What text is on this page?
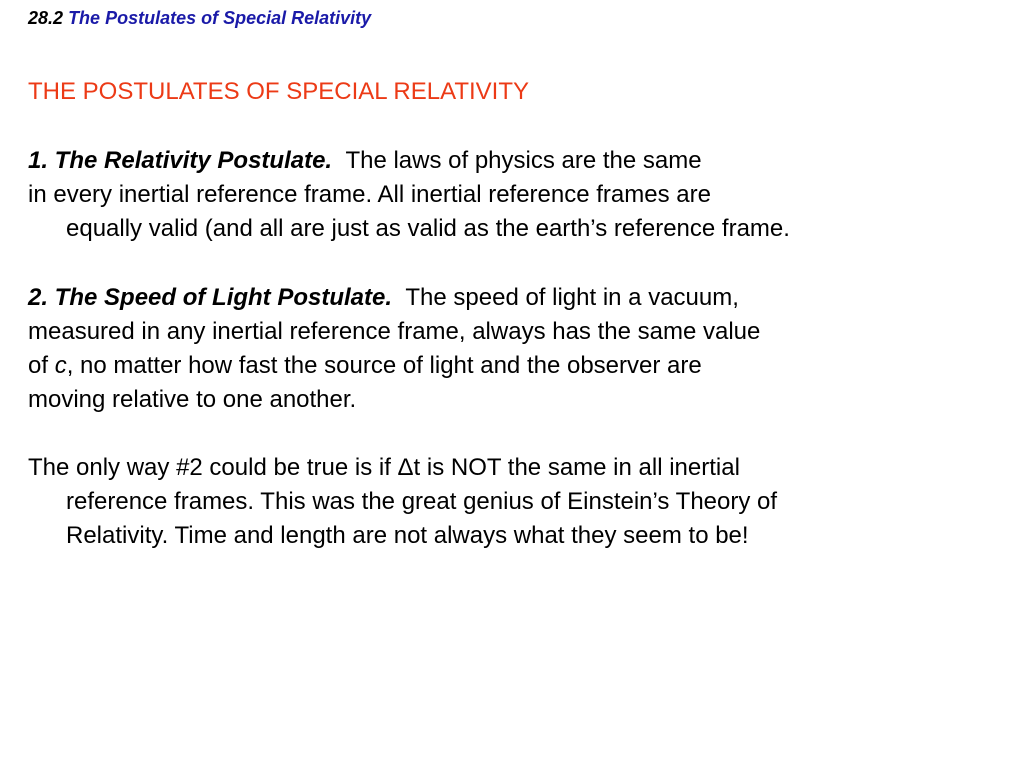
28.2 The Postulates of Special Relativity
THE POSTULATES OF SPECIAL RELATIVITY
1. The Relativity Postulate. The laws of physics are the same
in every inertial reference frame. All inertial reference frames are
equally valid (and all are just as valid as the earth’s reference frame.
2. The Speed of Light Postulate. The speed of light in a vacuum,
measured in any inertial reference frame, always has the same value
of c, no matter how fast the source of light and the observer are
moving relative to one another.
The only way #2 could be true is if Δt is NOT the same in all inertial
reference frames. This was the great genius of Einstein’s Theory of
Relativity. Time and length are not always what they seem to be!
